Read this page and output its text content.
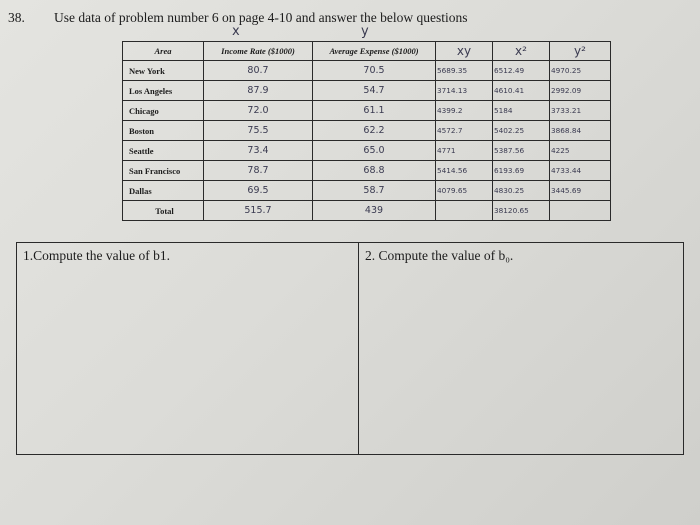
38. Use data of problem number 6 on page 4-10 and answer the below questions
x	y
Area	Income Rate ($1000)	Average Expense ($1000)	xy	x²	y²
New York	80.7	70.5	5689.35	6512.49	4970.25
Los Angeles	87.9	54.7	3714.13	4610.41	2992.09
Chicago	72.0	61.1	4399.2	5184	3733.21
Boston	75.5	62.2	4572.7	5402.25	3868.84
Seattle	73.4	65.0	4771	5387.56	4225
San Francisco	78.7	68.8	5414.56	6193.69	4733.44
Dallas	69.5	58.7	4079.65	4830.25	3445.69
Total	515.7	439		38120.65	
1.Compute the value of b1.	2. Compute the value of b₀.
